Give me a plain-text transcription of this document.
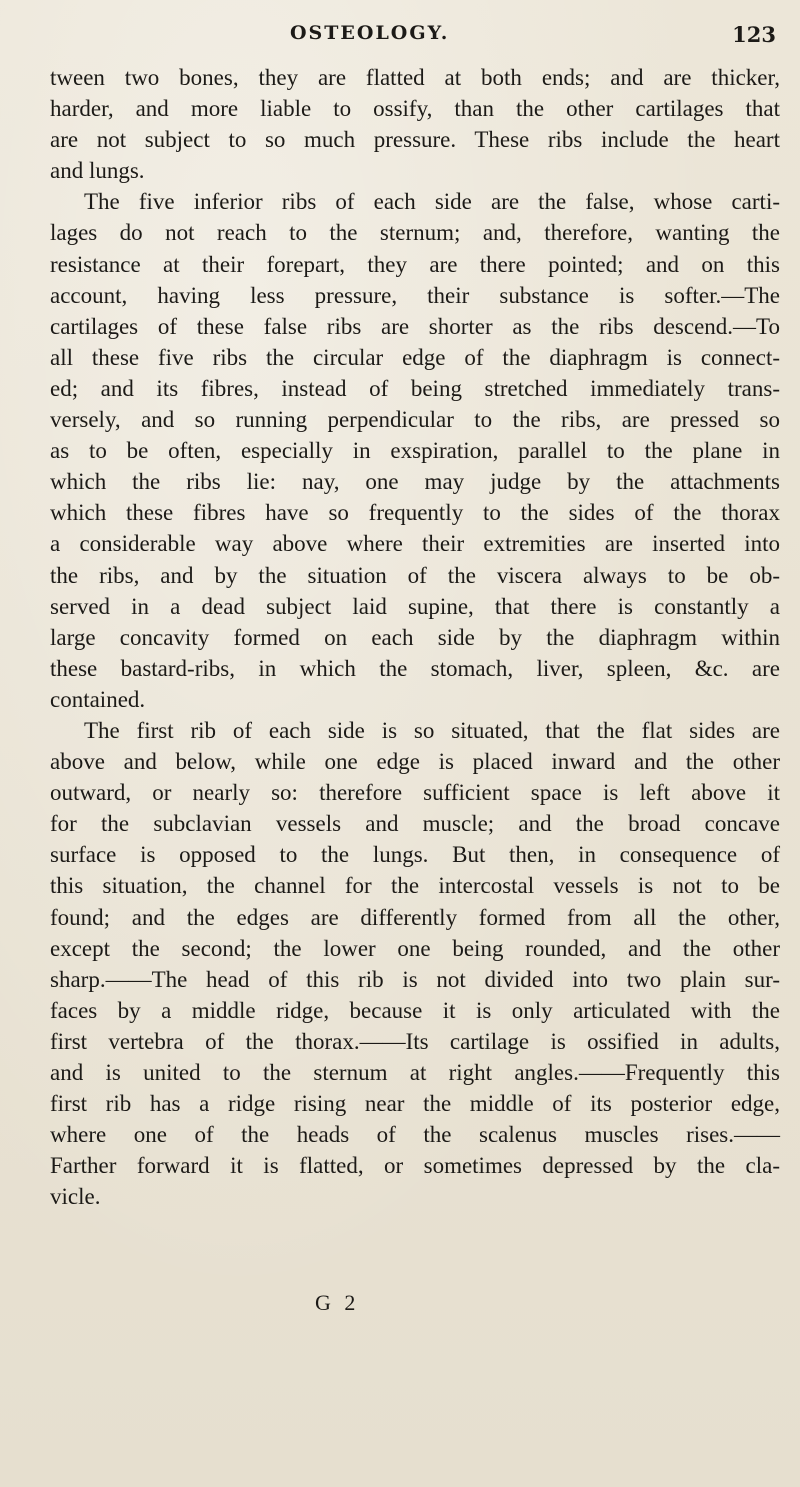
OSTEOLOGY.	123
tween two bones, they are flatted at both ends; and are thicker,
harder, and more liable to ossify, than the other cartilages that
are not subject to so much pressure. These ribs include the heart
and lungs.
The five inferior ribs of each side are the false, whose carti-
lages do not reach to the sternum; and, therefore, wanting the
resistance at their forepart, they are there pointed; and on this
account, having less pressure, their substance is softer.—The
cartilages of these false ribs are shorter as the ribs descend.—To
all these five ribs the circular edge of the diaphragm is connect-
ed; and its fibres, instead of being stretched immediately trans-
versely, and so running perpendicular to the ribs, are pressed so
as to be often, especially in exspiration, parallel to the plane in
which the ribs lie: nay, one may judge by the attachments
which these fibres have so frequently to the sides of the thorax
a considerable way above where their extremities are inserted into
the ribs, and by the situation of the viscera always to be ob-
served in a dead subject laid supine, that there is constantly a
large concavity formed on each side by the diaphragm within
these bastard-ribs, in which the stomach, liver, spleen, &c. are
contained.
The first rib of each side is so situated, that the flat sides are
above and below, while one edge is placed inward and the other
outward, or nearly so: therefore sufficient space is left above it
for the subclavian vessels and muscle; and the broad concave
surface is opposed to the lungs. But then, in consequence of
this situation, the channel for the intercostal vessels is not to be
found; and the edges are differently formed from all the other,
except the second; the lower one being rounded, and the other
sharp.——The head of this rib is not divided into two plain sur-
faces by a middle ridge, because it is only articulated with the
first vertebra of the thorax.——Its cartilage is ossified in adults,
and is united to the sternum at right angles.——Frequently this
first rib has a ridge rising near the middle of its posterior edge,
where one of the heads of the scalenus muscles rises.——
Farther forward it is flatted, or sometimes depressed by the cla-
vicle.
G 2
